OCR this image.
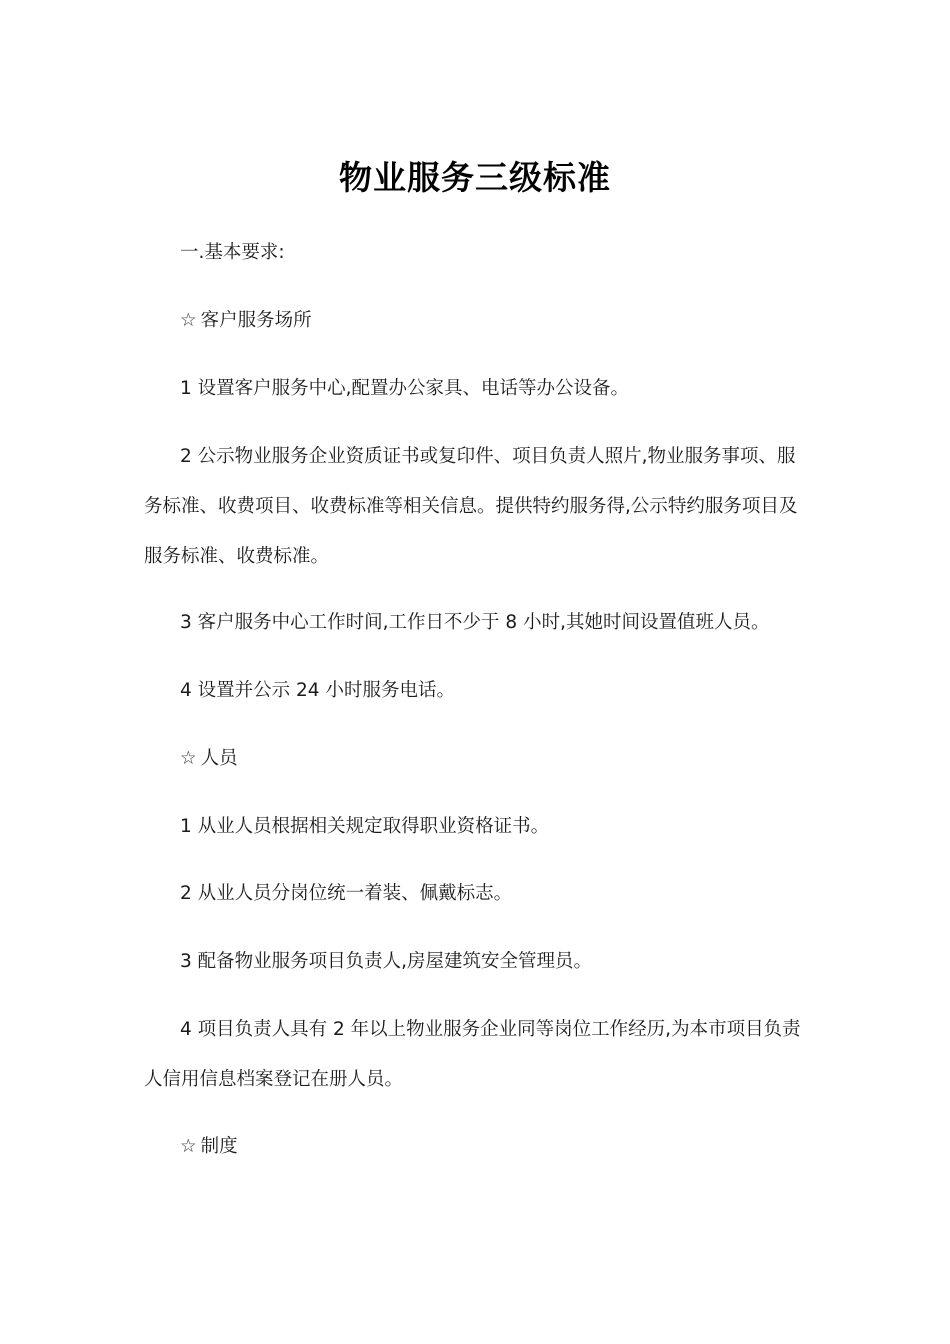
物业服务三级标准

一.基本要求:

☆ 客户服务场所

1 设置客户服务中心,配置办公家具、电话等办公设备。

2 公示物业服务企业资质证书或复印件、项目负责人照片,物业服务事项、服务标准、收费项目、收费标准等相关信息。提供特约服务得,公示特约服务项目及服务标准、收费标准。

3 客户服务中心工作时间,工作日不少于 8 小时,其她时间设置值班人员。

4 设置并公示 24 小时服务电话。

☆ 人员

1 从业人员根据相关规定取得职业资格证书。

2 从业人员分岗位统一着装、佩戴标志。

3 配备物业服务项目负责人,房屋建筑安全管理员。

4 项目负责人具有 2 年以上物业服务企业同等岗位工作经历,为本市项目负责人信用信息档案登记在册人员。

☆ 制度
